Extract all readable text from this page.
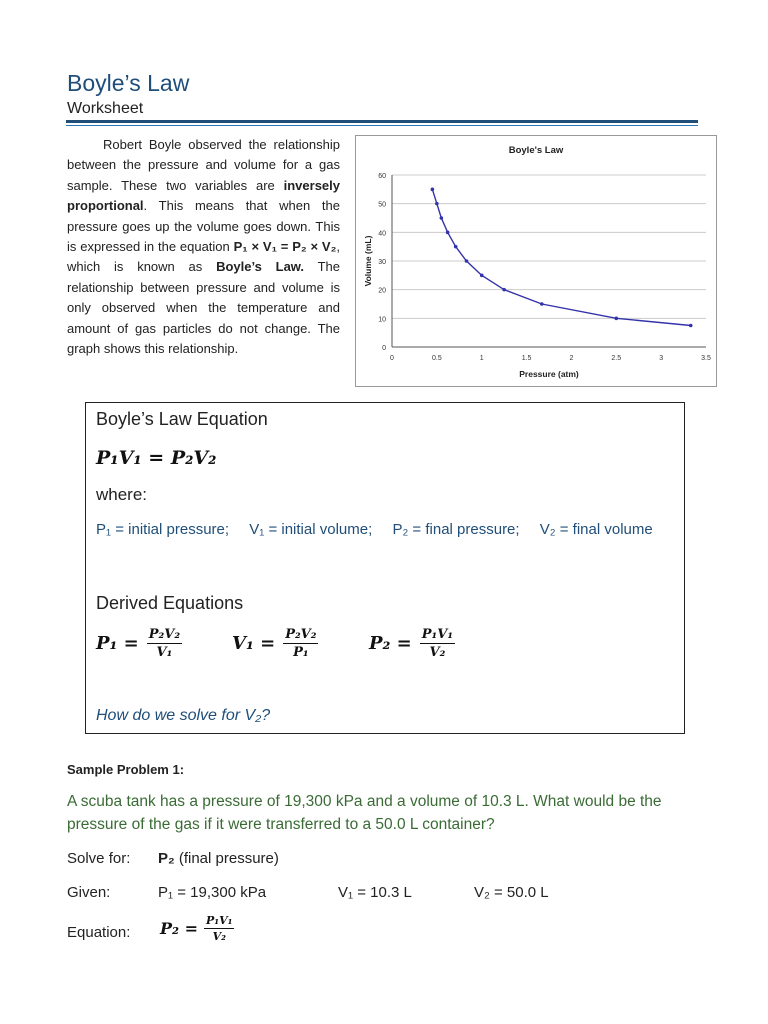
Boyle’s Law
Worksheet

Robert Boyle observed the relationship between the pressure and volume for a gas sample. These two variables are inversely proportional. This means that when the pressure goes up the volume goes down. This is expressed in the equation P₁ × V₁ = P₂ × V₂, which is known as Boyle’s Law. The relationship between pressure and volume is only observed when the temperature and amount of gas particles do not change. The graph shows this relationship.	0
10
20
30
40
50
60
0	0.5	1	1.5	2	2.5	3	3.5
Boyle's Law
Pressure (atm)
Volume (mL)
Boyle’s Law Equation
P₁V₁ = P₂V₂
where:
P₁ = initial pressure; V₁ = initial volume; P₂ = final pressure; V₂ = final volume
Derived Equations
$P_1 = \frac{\text{P₂V₂}}{\text{V₁}}$	$V_1 = \frac{\text{P₂V₂}}{\text{P₁}}$	$P_2 = \frac{\text{P₁V₁}}{\text{V₂}}$
How do we solve for V₂?
Sample Problem 1:

A scuba tank has a pressure of 19,300 kPa and a volume of 10.3 L. What would be the pressure of the gas if it were transferred to a 50.0 L container?

Solve for: P₂ (final pressure)
Given:	P₁ = 19,300 kPa	V₁ = 10.3 L	V₂ = 50.0 L
Equation: $P_2 = \frac{\text{P₁V₁}}{\text{V₂}}$
